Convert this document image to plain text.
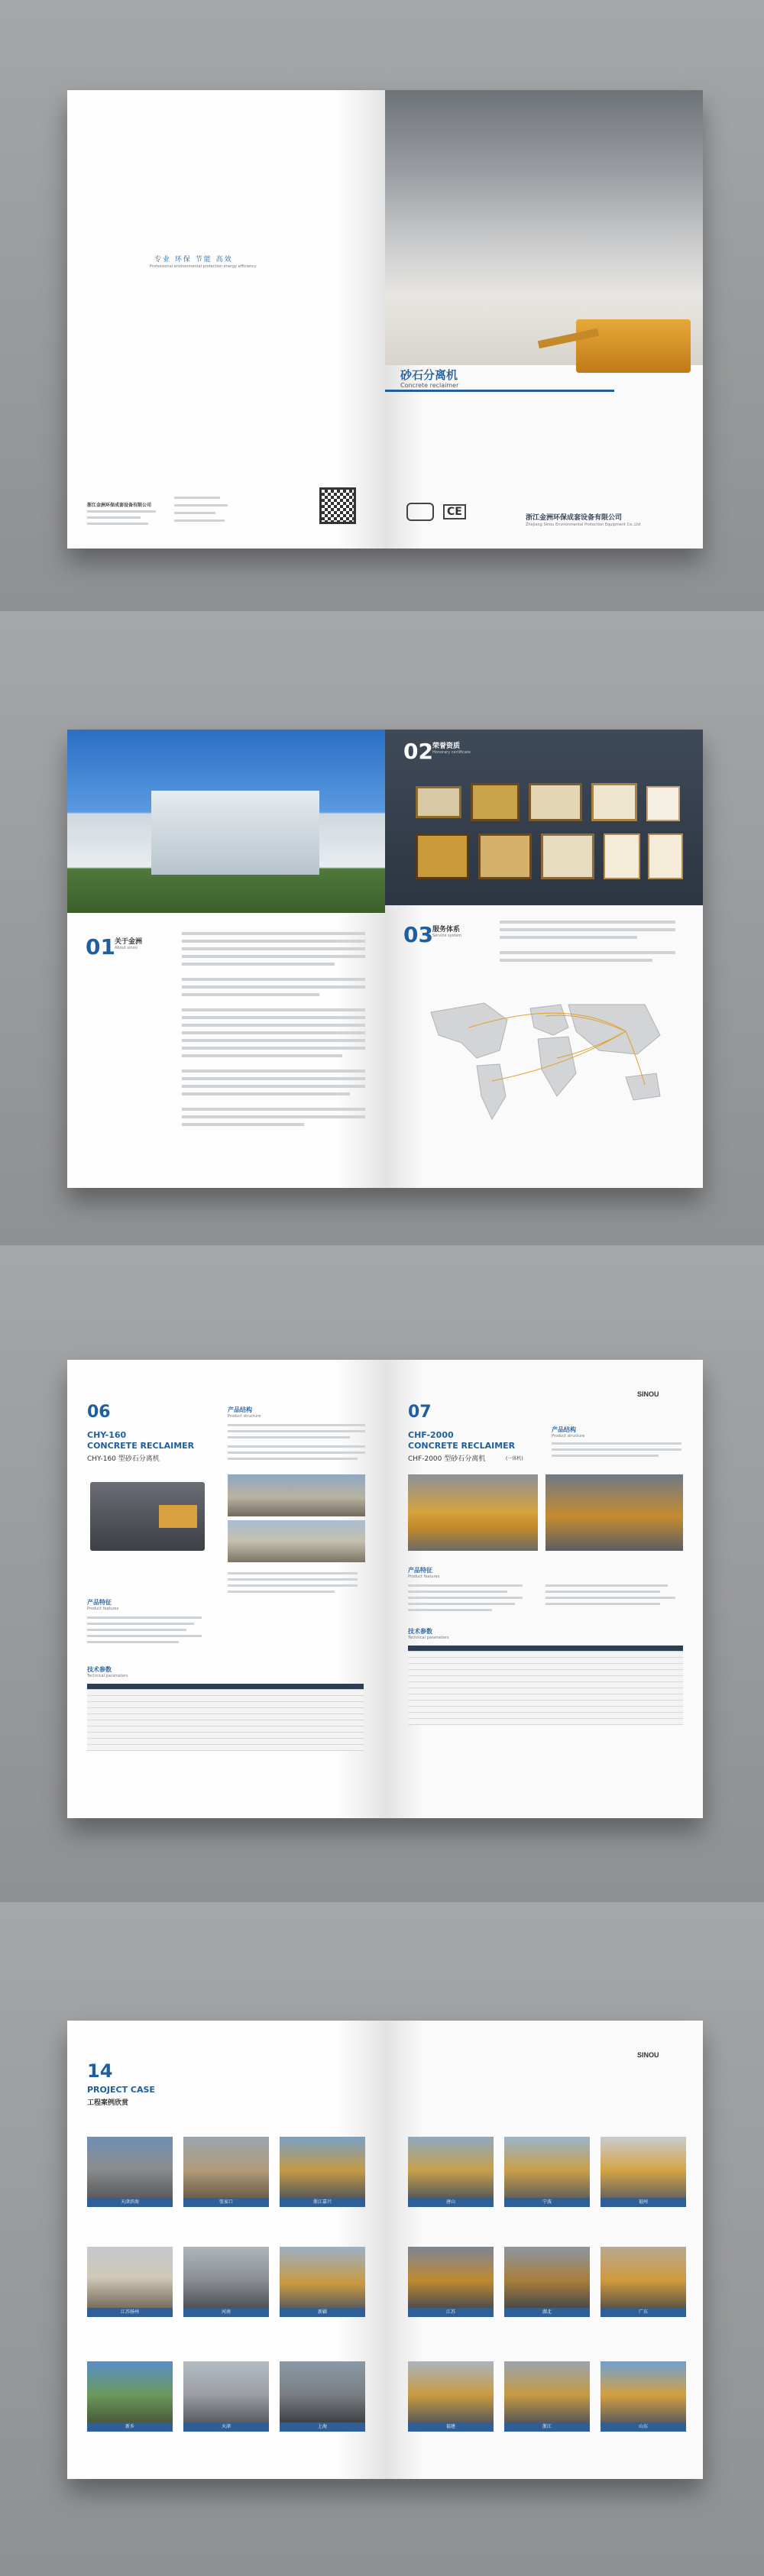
专业 环保 节能 高效
Professional environmental protection energy efficiency
浙江金洲环保成套设备有限公司
砂石分离机
Concrete reclaimer
CE	浙江金洲环保成套设备有限公司
Zhejiang Sinou Environmental Protection Equipment Co.,Ltd
01 关于金洲
About sinou
02 荣誉资质
Honorary certificate
03 服务体系
Service system
06
CHY-160
CONCRETE RECLAIMER
CHY-160 型砂石分离机
产品特征
Product features
产品结构
Product structure
技术参数
Technical parameters
SINOU
07
CHF-2000
CONCRETE RECLAIMER
CHF-2000 型砂石分离机	(一体机)
产品结构
Product structure
产品特征
Product features
技术参数
Technical parameters
14
PROJECT CASE
工程案例欣赏
天津滨海	张家口	浙江嘉兴
江苏扬州	河南	新疆
新乡	天津	上海
SINOU
唐山	宁波	福州
江苏	湖北	广东
福建	浙江	山东
